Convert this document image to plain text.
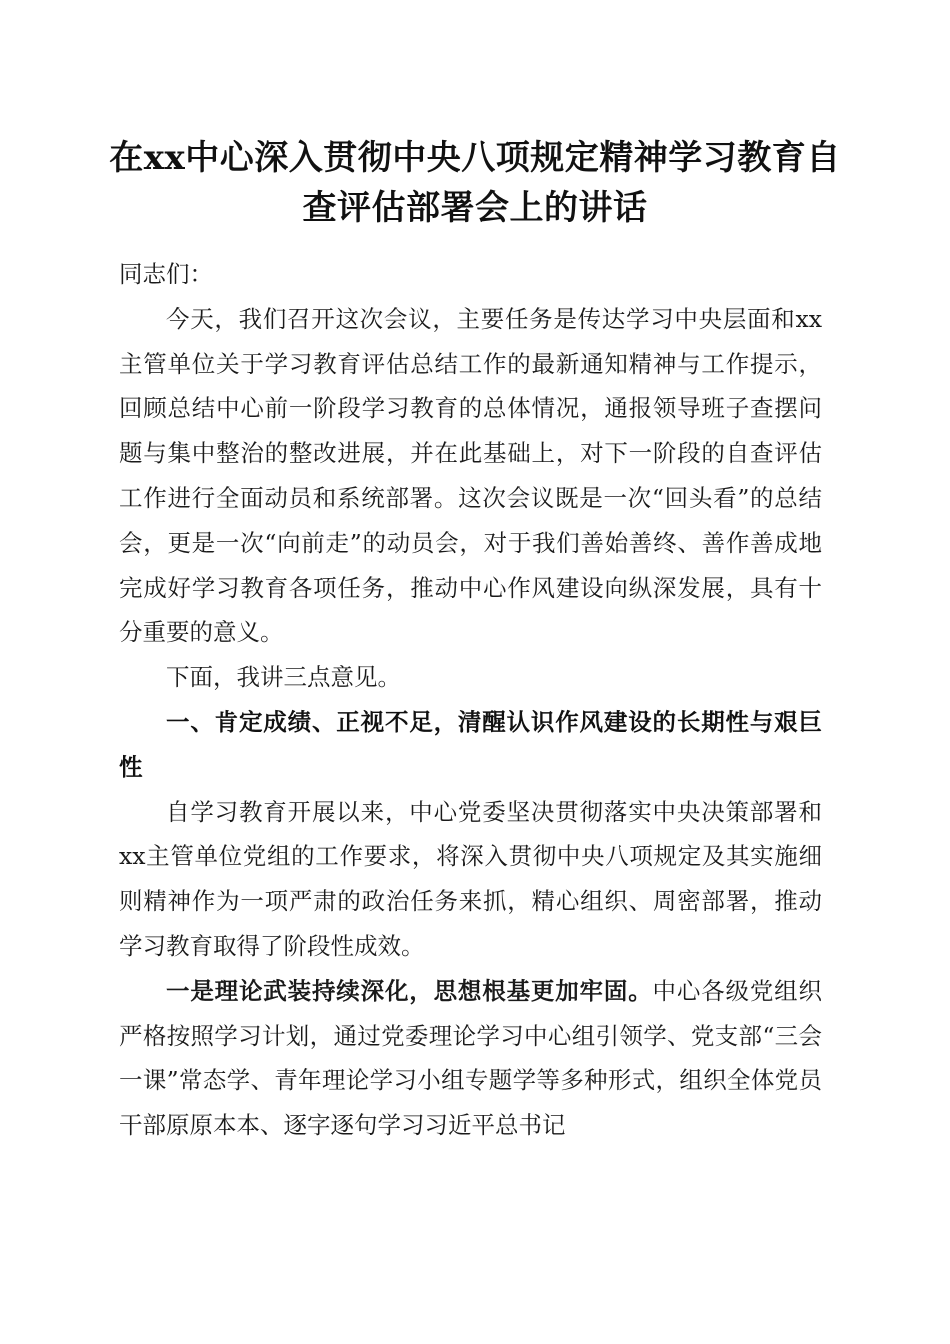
在xx中心深入贯彻中央八项规定精神学习教育自查评估部署会上的讲话

同志们：

今天，我们召开这次会议，主要任务是传达学习中央层面和xx主管单位关于学习教育评估总结工作的最新通知精神与工作提示，回顾总结中心前一阶段学习教育的总体情况，通报领导班子查摆问题与集中整治的整改进展，并在此基础上，对下一阶段的自查评估工作进行全面动员和系统部署。这次会议既是一次“回头看”的总结会，更是一次“向前走”的动员会，对于我们善始善终、善作善成地完成好学习教育各项任务，推动中心作风建设向纵深发展，具有十分重要的意义。

下面，我讲三点意见。

一、肯定成绩、正视不足，清醒认识作风建设的长期性与艰巨性

自学习教育开展以来，中心党委坚决贯彻落实中央决策部署和xx主管单位党组的工作要求，将深入贯彻中央八项规定及其实施细则精神作为一项严肃的政治任务来抓，精心组织、周密部署，推动学习教育取得了阶段性成效。

一是理论武装持续深化，思想根基更加牢固。中心各级党组织严格按照学习计划，通过党委理论学习中心组引领学、党支部“三会一课”常态学、青年理论学习小组专题学等多种形式，组织全体党员干部原原本本、逐字逐句学习习近平总书记
